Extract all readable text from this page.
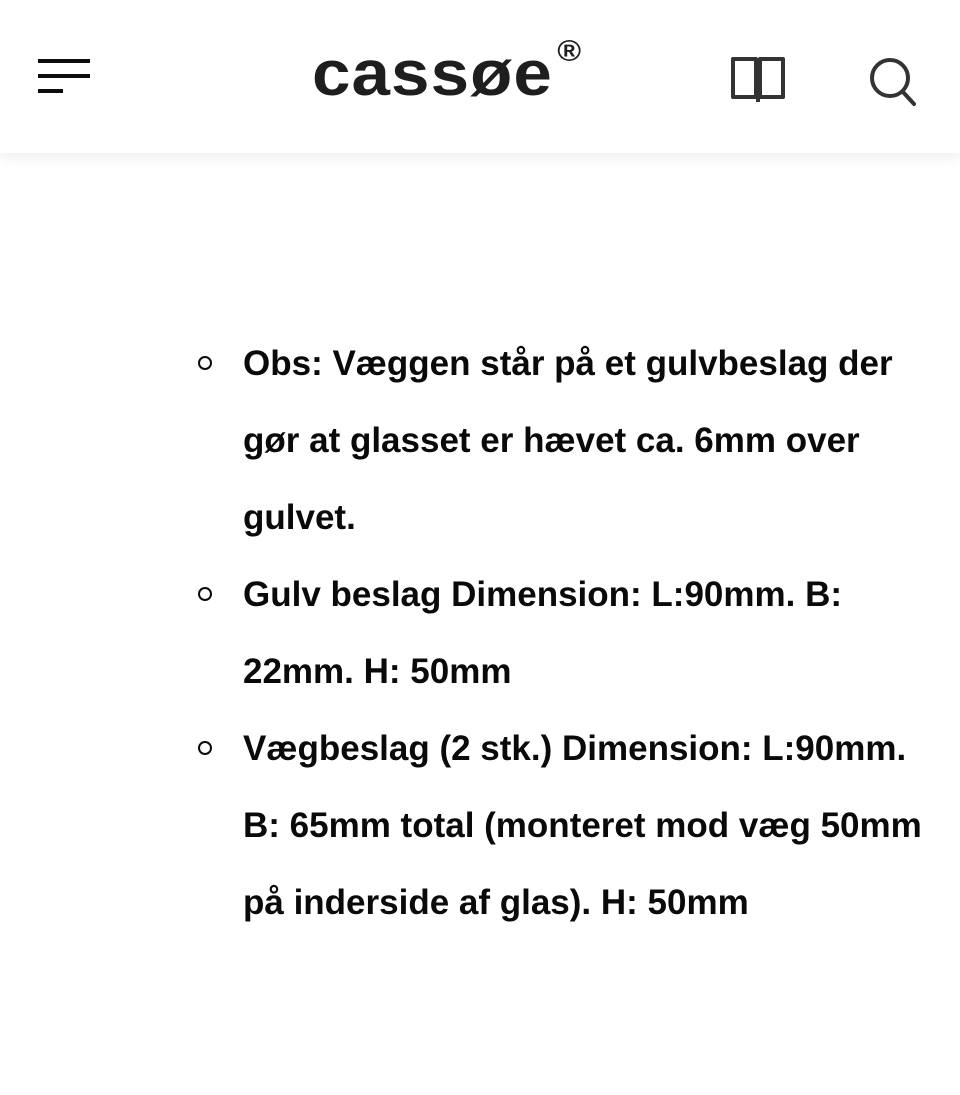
cassøe ®
Obs: Væggen står på et gulvbeslag der gør at glasset er hævet ca. 6mm over gulvet.
Gulv beslag Dimension: L:90mm. B: 22mm. H: 50mm
Vægbeslag (2 stk.) Dimension: L:90mm. B: 65mm total (monteret mod væg 50mm på inderside af glas). H: 50mm
